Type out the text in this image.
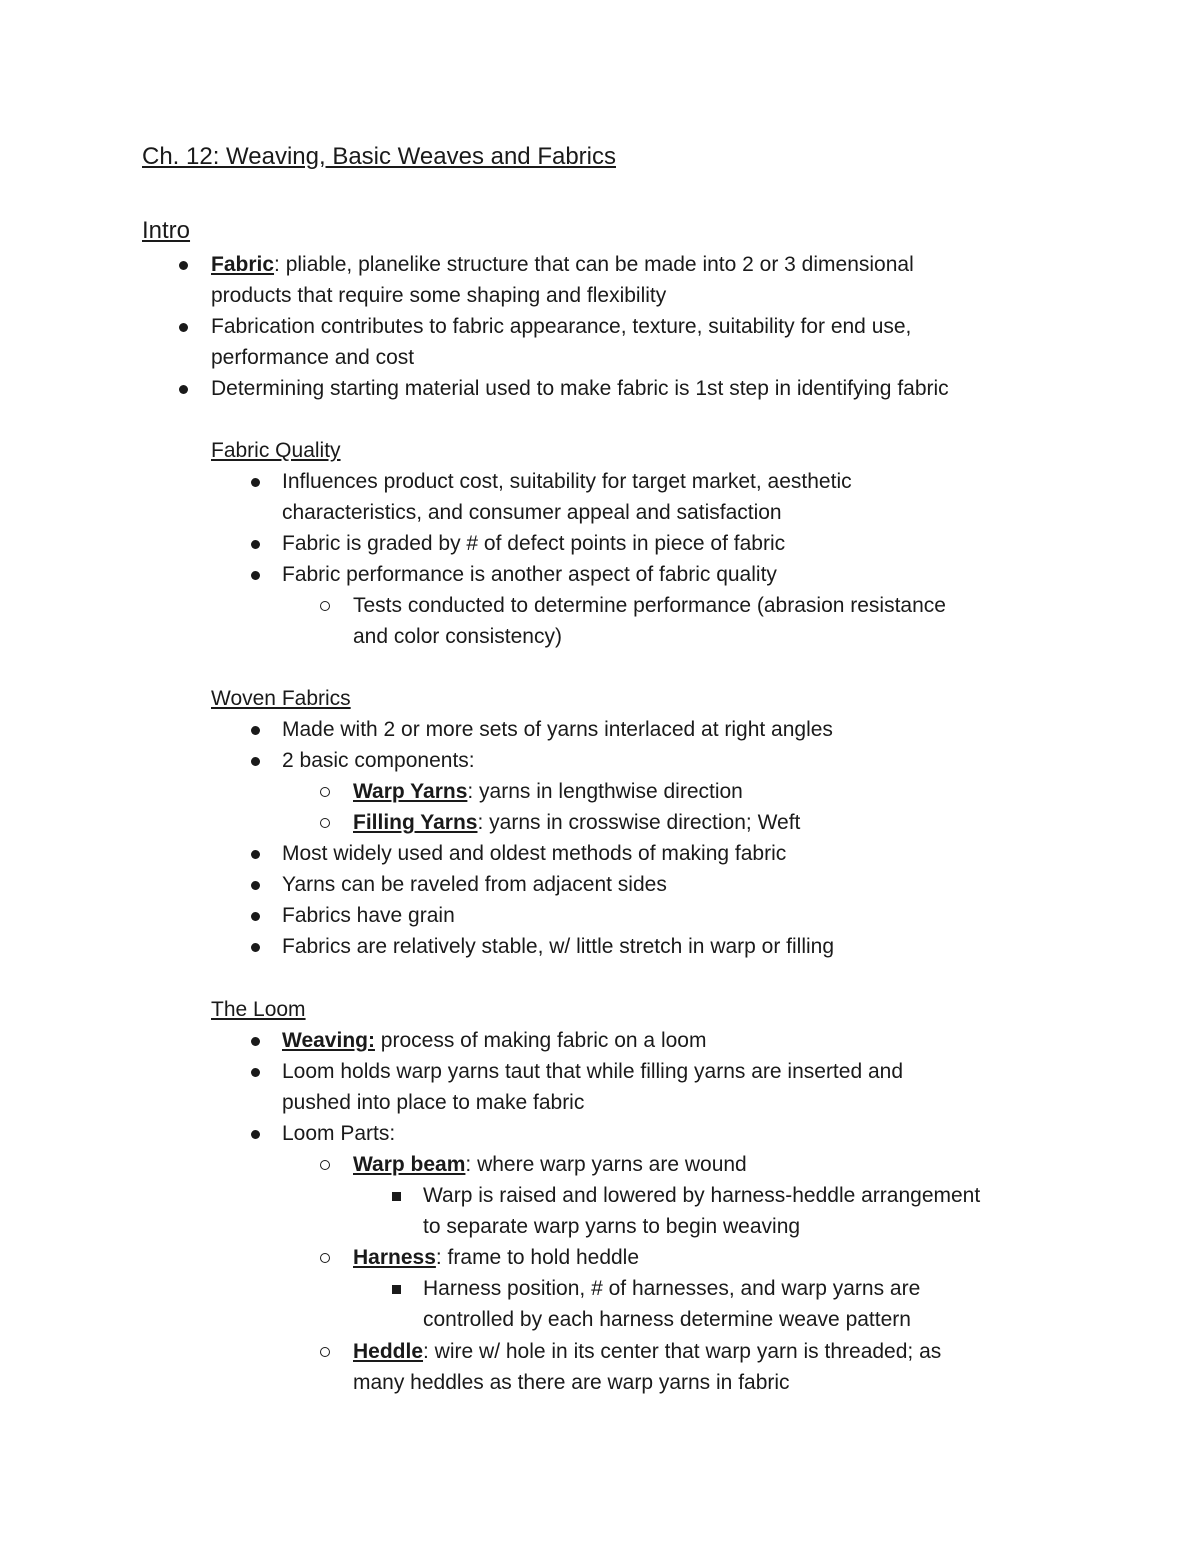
Ch. 12: Weaving, Basic Weaves and Fabrics
Intro
Fabric: pliable, planelike structure that can be made into 2 or 3 dimensional
products that require some shaping and flexibility
Fabrication contributes to fabric appearance, texture, suitability for end use,
performance and cost
Determining starting material used to make fabric is 1st step in identifying fabric
Fabric Quality
Influences product cost, suitability for target market, aesthetic
characteristics, and consumer appeal and satisfaction
Fabric is graded by # of defect points in piece of fabric
Fabric performance is another aspect of fabric quality
Tests conducted to determine performance (abrasion resistance
and color consistency)
Woven Fabrics
Made with 2 or more sets of yarns interlaced at right angles
2 basic components:
Warp Yarns: yarns in lengthwise direction
Filling Yarns: yarns in crosswise direction; Weft
Most widely used and oldest methods of making fabric
Yarns can be raveled from adjacent sides
Fabrics have grain
Fabrics are relatively stable, w/ little stretch in warp or filling
The Loom
Weaving: process of making fabric on a loom
Loom holds warp yarns taut that while filling yarns are inserted and
pushed into place to make fabric
Loom Parts:
Warp beam: where warp yarns are wound
Warp is raised and lowered by harness-heddle arrangement
to separate warp yarns to begin weaving
Harness: frame to hold heddle
Harness position, # of harnesses, and warp yarns are
controlled by each harness determine weave pattern
Heddle: wire w/ hole in its center that warp yarn is threaded; as
many heddles as there are warp yarns in fabric
